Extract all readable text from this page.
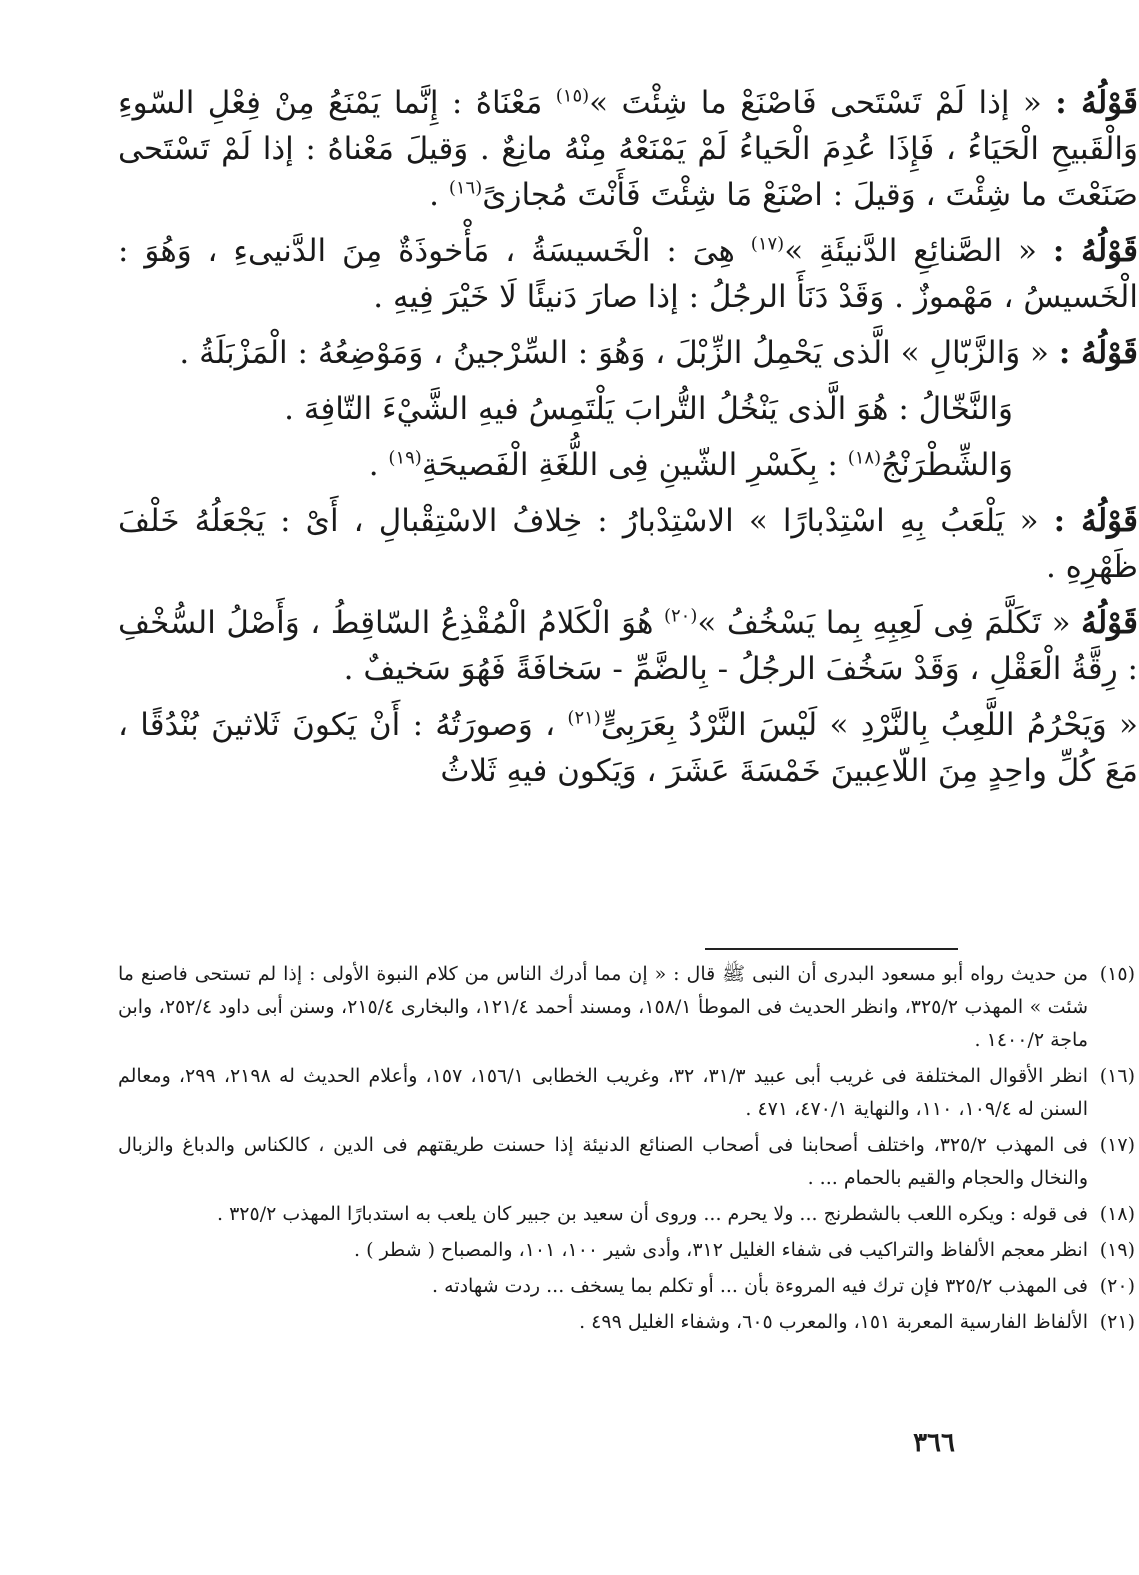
قَوْلُهُ : « إذا لَمْ تَسْتَحى فَاصْنَعْ ما شِئْتَ »$^{(١٥)}$ مَعْنَاهُ : إِنَّما يَمْنَعُ مِنْ فِعْلِ السّوءِ وَالْقَبيحِ الْحَيَاءُ ، فَإِذَا عُدِمَ الْحَياءُ لَمْ يَمْنَعْهُ مِنْهُ مانِعٌ . وَقيلَ مَعْناهُ : إذا لَمْ تَسْتَحى صَنَعْتَ ما شِئْتَ ، وَقيلَ : اصْنَعْ مَا شِئْتَ فَأَنْتَ مُجازىً$^{(١٦)}$ .

قَوْلُهُ : « الصَّنائِعِ الدَّنيئَةِ »$^{(١٧)}$ هِىَ : الْخَسيسَةُ ، مَأْخوذَةٌ مِنَ الدَّنيىءِ ، وَهُوَ : الْخَسيسُ ، مَهْموزٌ . وَقَدْ دَنَأَ الرجُلُ : إذا صارَ دَنيئًا لَا خَيْرَ فِيهِ .

قَوْلُهُ : « وَالزَّبّالِ » الَّذى يَحْمِلُ الزِّبْلَ ، وَهُوَ : السِّرْجينُ ، وَمَوْضِعُهُ : الْمَزْبَلَةُ .

وَالنَّخّالُ : هُوَ الَّذى يَنْخُلُ التُّرابَ يَلْتَمِسُ فيهِ الشَّيْءَ التّافِهَ .

وَالشِّطْرَنْجُ$^{(١٨)}$ : بِكَسْرِ الشّينِ فِى اللُّغَةِ الْفَصيحَةِ$^{(١٩)}$ .

قَوْلُهُ : « يَلْعَبُ بِهِ اسْتِدْبارًا » الاسْتِدْبارُ : خِلافُ الاسْتِقْبالِ ، أَىْ : يَجْعَلُهُ خَلْفَ ظَهْرِهِ .

قَوْلُهُ « تَكَلَّمَ فِى لَعِبِهِ بِما يَسْخُفُ »$^{(٢٠)}$ هُوَ الْكَلامُ الْمُقْذِعُ السّاقِطُ ، وَأَصْلُ السُّخْفِ : رِقَّةُ الْعَقْلِ ، وَقَدْ سَخُفَ الرجُلُ - بِالضَّمِّ - سَخافَةً فَهُوَ سَخيفٌ .

« وَيَحْرُمُ اللَّعِبُ بِالنَّرْدِ » لَيْسَ النَّرْدُ بِعَرَبِىٍّ$^{(٢١)}$ ، وَصورَتُهُ : أَنْ يَكونَ ثَلاثينَ بُنْدُقًا ، مَعَ كُلِّ واحِدٍ مِنَ اللّاعِبينَ خَمْسَةَ عَشَرَ ، وَيَكون فيهِ ثَلاثُ

(١٥)
من حديث رواه أبو مسعود البدرى أن النبى ﷺ قال : « إن مما أدرك الناس من كلام النبوة الأولى : إذا لم تستحى فاصنع ما شئت » المهذب ٣٢٥/٢، وانظر الحديث فى الموطأ ١٥٨/١، ومسند أحمد ١٢١/٤، والبخارى ٢١٥/٤، وسنن أبى داود ٢٥٢/٤، وابن ماجة ١٤٠٠/٢ .
(١٦)
انظر الأقوال المختلفة فى غريب أبى عبيد ٣١/٣، ٣٢، وغريب الخطابى ١٥٦/١، ١٥٧، وأعلام الحديث له ٢١٩٨، ٢٩٩، ومعالم السنن له ١٠٩/٤، ١١٠، والنهاية ٤٧٠/١، ٤٧١ .
(١٧)
فى المهذب ٣٢٥/٢، واختلف أصحابنا فى أصحاب الصنائع الدنيئة إذا حسنت طريقتهم فى الدين ، كالكناس والدباغ والزبال والنخال والحجام والقيم بالحمام ... .
(١٨)
فى قوله : ويكره اللعب بالشطرنج ... ولا يحرم ... وروى أن سعيد بن جبير كان يلعب به استدبارًا المهذب ٣٢٥/٢ .
(١٩)
انظر معجم الألفاظ والتراكيب فى شفاء الغليل ٣١٢، وأدى شير ١٠٠، ١٠١، والمصباح ( شطر ) .
(٢٠)
فى المهذب ٣٢٥/٢ فإن ترك فيه المروءة بأن ... أو تكلم بما يسخف ... ردت شهادته .
(٢١)
الألفاظ الفارسية المعربة ١٥١، والمعرب ٦٠٥، وشفاء الغليل ٤٩٩ .
٣٦٦
